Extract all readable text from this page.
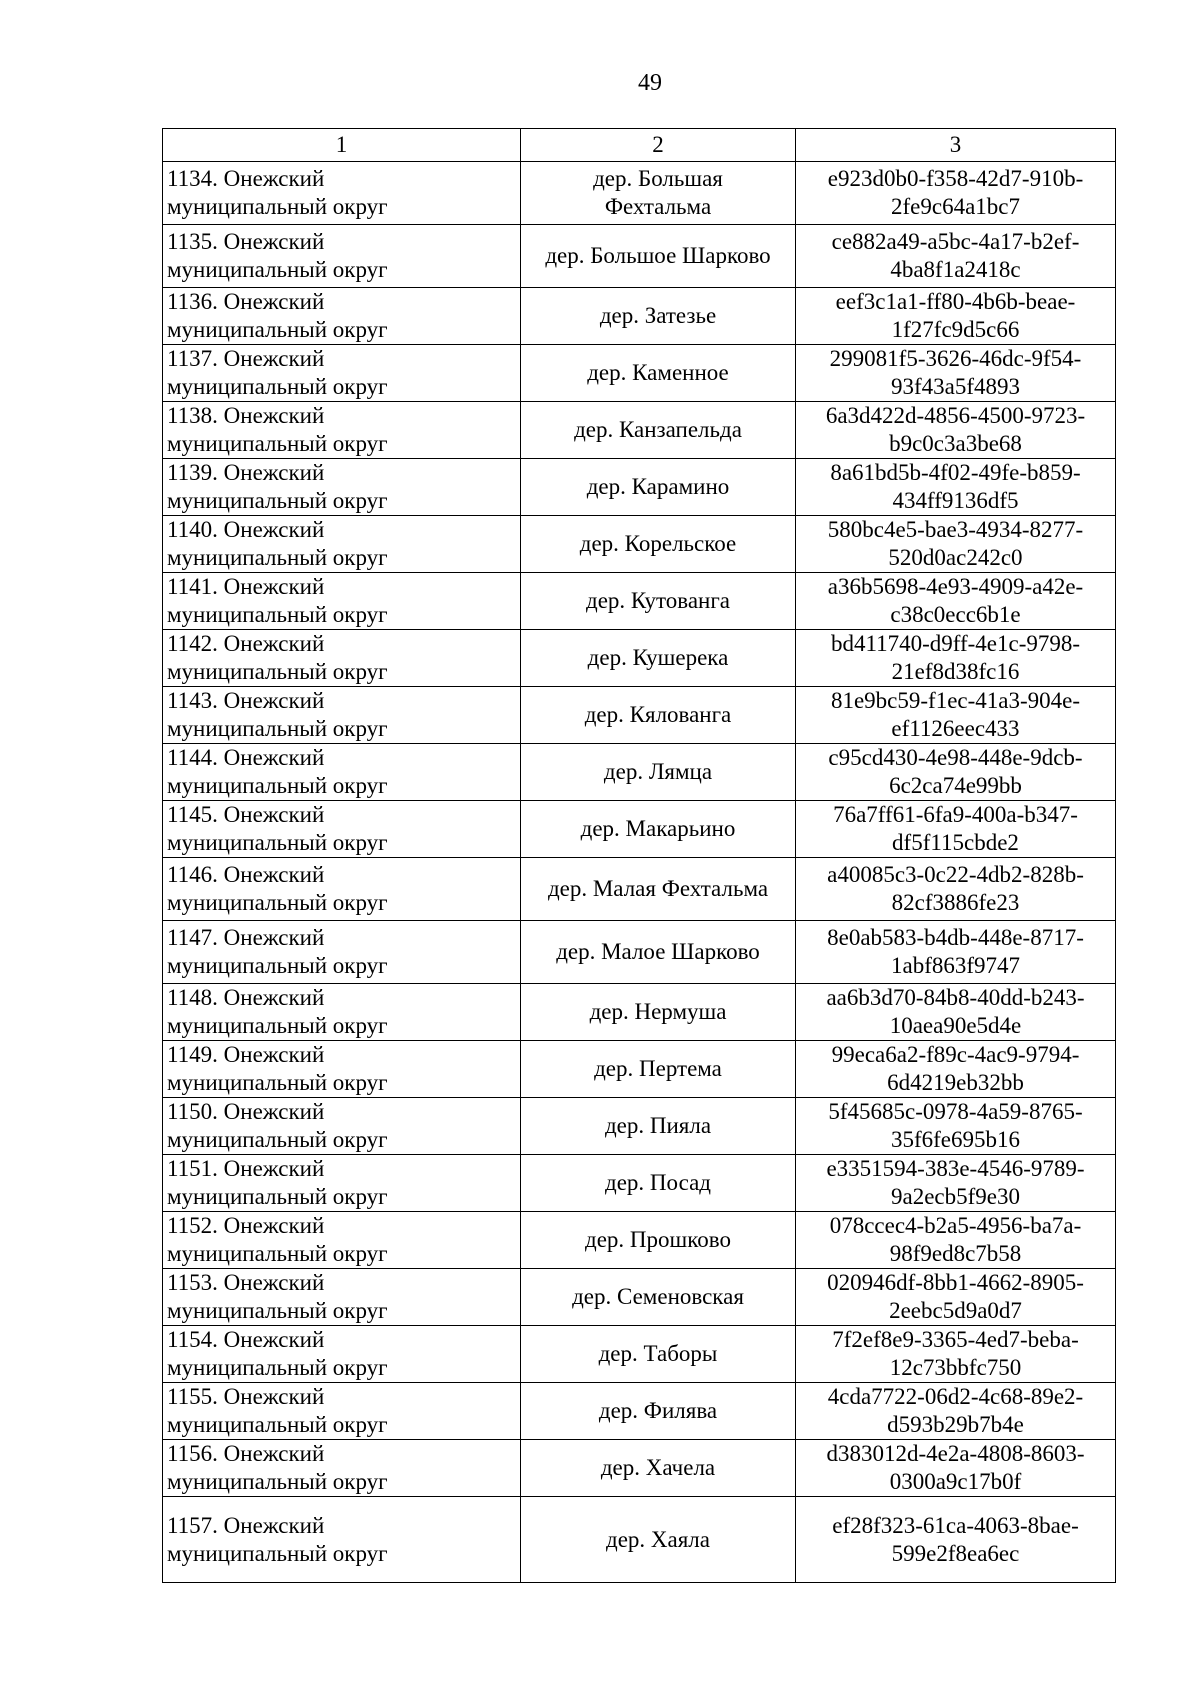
49
1	2	3

1134. Онежский
муниципальный округ	дер. Большая
Фехтальма	e923d0b0-f358-42d7-910b-
2fe9c64a1bc7

1135. Онежский
муниципальный округ	дер. Большое Шарково	ce882a49-a5bc-4a17-b2ef-
4ba8f1a2418c

1136. Онежский
муниципальный округ	дер. Затезье	eef3c1a1-ff80-4b6b-beae-
1f27fc9d5c66

1137. Онежский
муниципальный округ	дер. Каменное	299081f5-3626-46dc-9f54-
93f43a5f4893

1138. Онежский
муниципальный округ	дер. Канзапельда	6a3d422d-4856-4500-9723-
b9c0c3a3be68

1139. Онежский
муниципальный округ	дер. Карамино	8a61bd5b-4f02-49fe-b859-
434ff9136df5

1140. Онежский
муниципальный округ	дер. Корельское	580bc4e5-bae3-4934-8277-
520d0ac242c0

1141. Онежский
муниципальный округ	дер. Кутованга	a36b5698-4e93-4909-a42e-
c38c0ecc6b1e

1142. Онежский
муниципальный округ	дер. Кушерека	bd411740-d9ff-4e1c-9798-
21ef8d38fc16

1143. Онежский
муниципальный округ	дер. Кялованга	81e9bc59-f1ec-41a3-904e-
ef1126eec433

1144. Онежский
муниципальный округ	дер. Лямца	c95cd430-4e98-448e-9dcb-
6c2ca74e99bb

1145. Онежский
муниципальный округ	дер. Макарьино	76a7ff61-6fa9-400a-b347-
df5f115cbde2

1146. Онежский
муниципальный округ	дер. Малая Фехтальма	a40085c3-0c22-4db2-828b-
82cf3886fe23

1147. Онежский
муниципальный округ	дер. Малое Шарково	8e0ab583-b4db-448e-8717-
1abf863f9747

1148. Онежский
муниципальный округ	дер. Нермуша	aa6b3d70-84b8-40dd-b243-
10aea90e5d4e

1149. Онежский
муниципальный округ	дер. Пертема	99eca6a2-f89c-4ac9-9794-
6d4219eb32bb

1150. Онежский
муниципальный округ	дер. Пияла	5f45685c-0978-4a59-8765-
35f6fe695b16

1151. Онежский
муниципальный округ	дер. Посад	e3351594-383e-4546-9789-
9a2ecb5f9e30

1152. Онежский
муниципальный округ	дер. Прошково	078ccec4-b2a5-4956-ba7a-
98f9ed8c7b58

1153. Онежский
муниципальный округ	дер. Семеновская	020946df-8bb1-4662-8905-
2eebc5d9a0d7

1154. Онежский
муниципальный округ	дер. Таборы	7f2ef8e9-3365-4ed7-beba-
12c73bbfc750

1155. Онежский
муниципальный округ	дер. Филява	4cda7722-06d2-4c68-89e2-
d593b29b7b4e

1156. Онежский
муниципальный округ	дер. Хачела	d383012d-4e2a-4808-8603-
0300a9c17b0f

1157. Онежский
муниципальный округ	дер. Хаяла	ef28f323-61ca-4063-8bae-
599e2f8ea6ec
